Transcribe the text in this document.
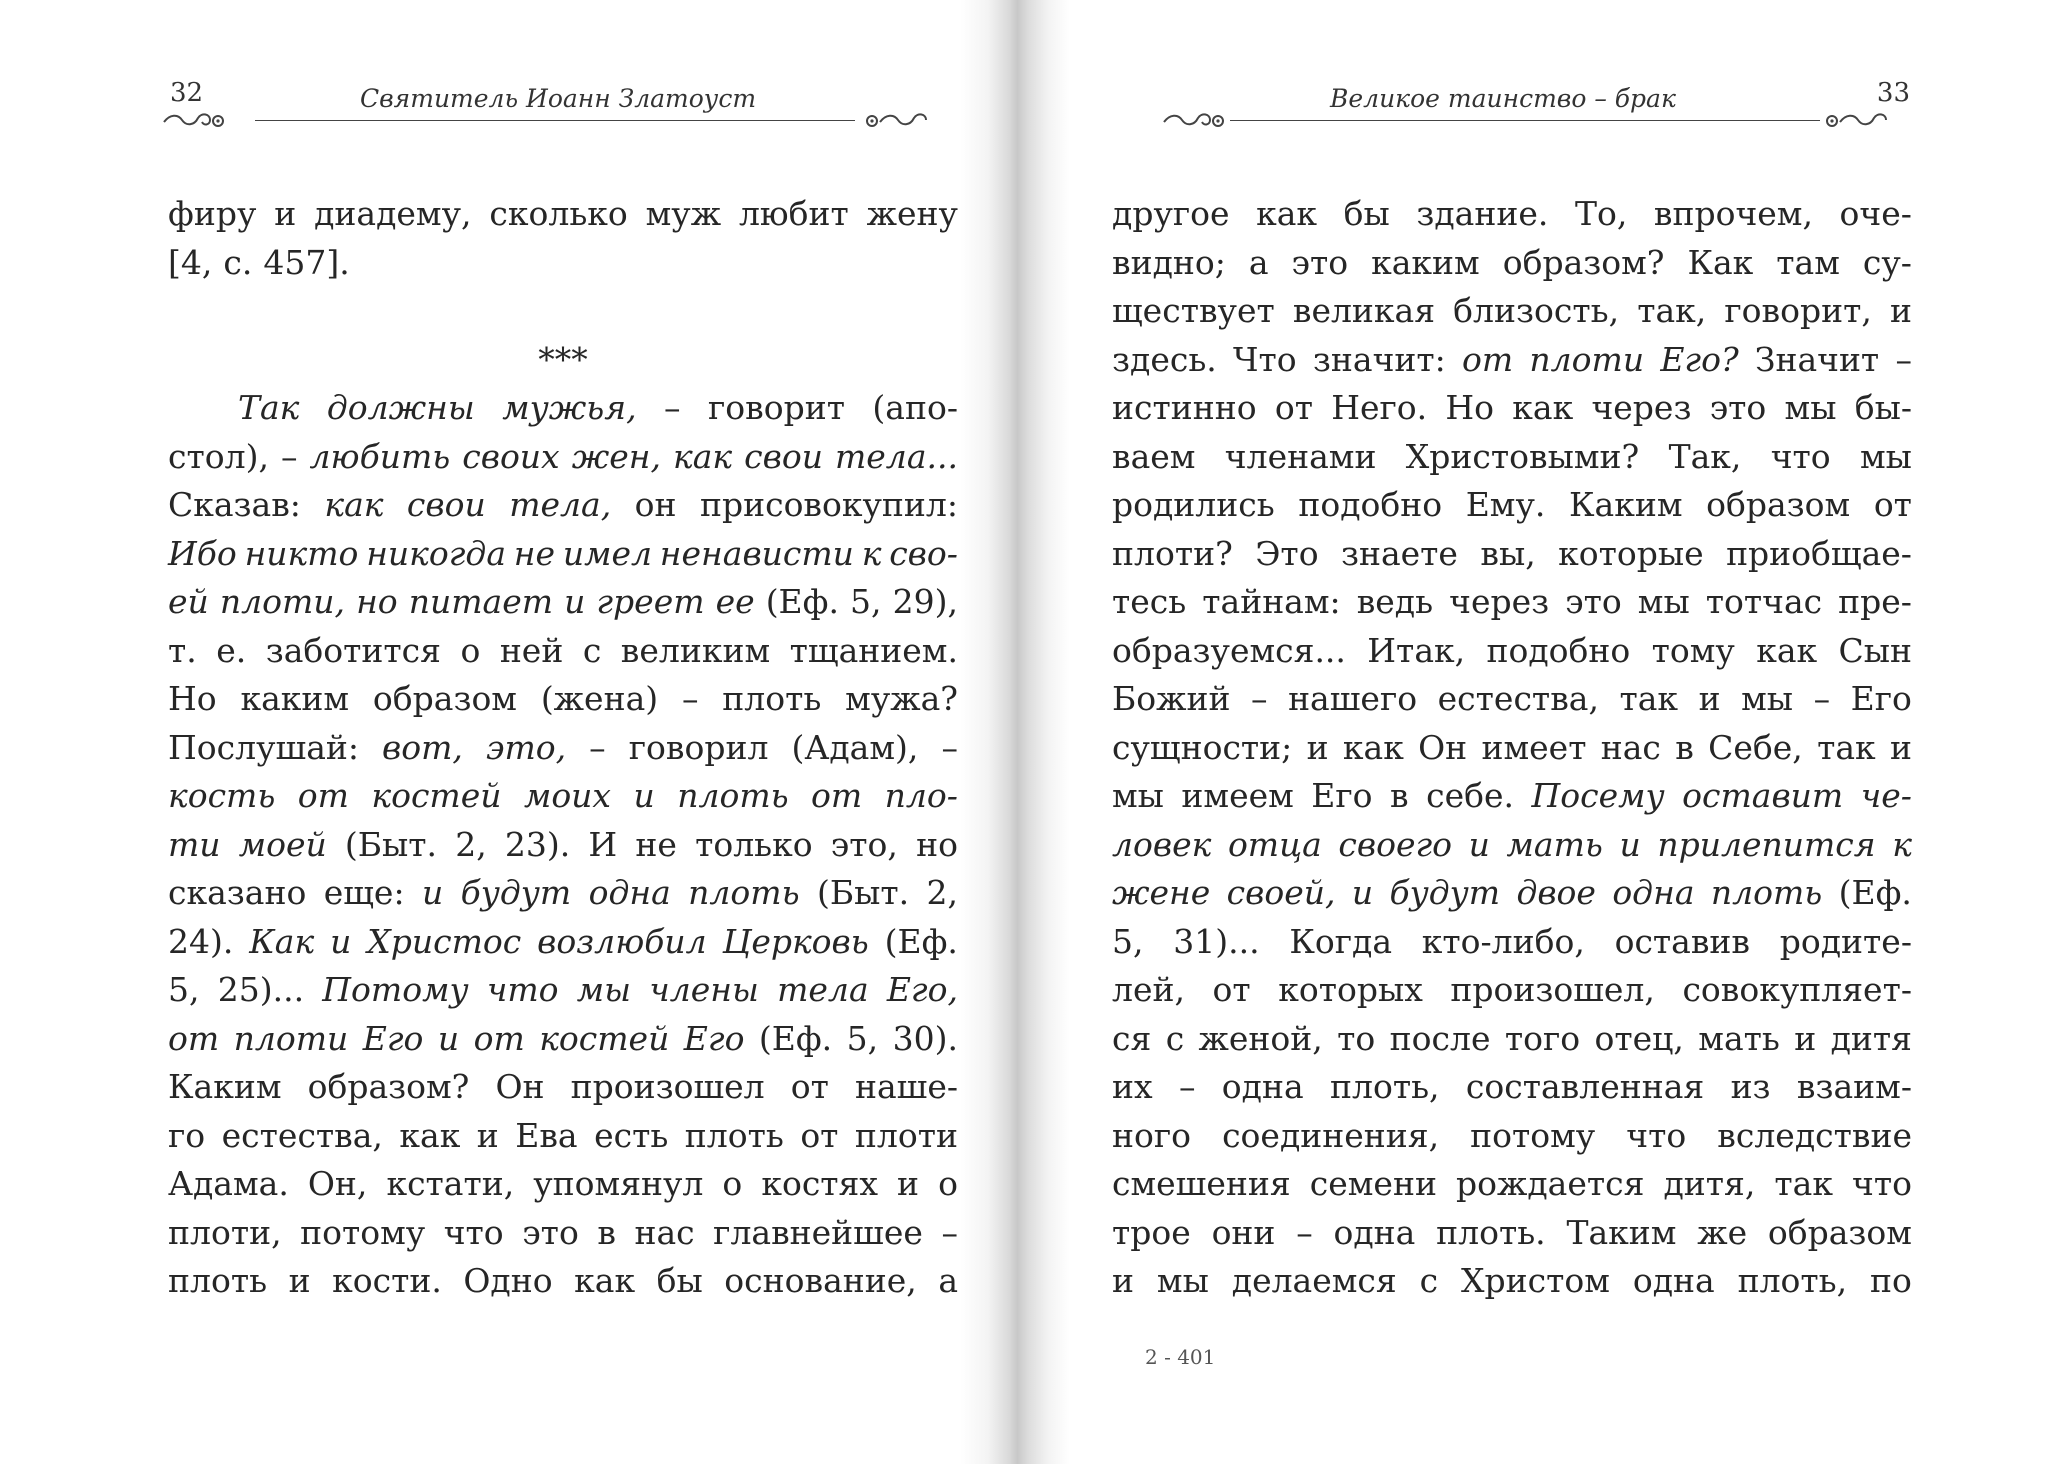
32	Святитель Иоанн Златоуст
фиру и диадему, сколько муж любит жену
[4, с. 457].
***
Так должны мужья, – говорит (апо-
стол), – любить своих жен, как свои тела...
Сказав: как свои тела, он присовокупил:
Ибо никто никогда не имел ненависти к сво-
ей плоти, но питает и греет ее (Еф. 5, 29),
т. е. заботится о ней с великим тщанием.
Но каким образом (жена) – плоть мужа?
Послушай: вот, это, – говорил (Адам), –
кость от костей моих и плоть от пло-
ти моей (Быт. 2, 23). И не только это, но
сказано еще: и будут одна плоть (Быт. 2,
24). Как и Христос возлюбил Церковь (Еф.
5, 25)... Потому что мы члены тела Его,
от плоти Его и от костей Его (Еф. 5, 30).
Каким образом? Он произошел от наше-
го естества, как и Ева есть плоть от плоти
Адама. Он, кстати, упомянул о костях и о
плоти, потому что это в нас главнейшее –
плоть и кости. Одно как бы основание, а
Великое таинство – брак	33
другое как бы здание. То, впрочем, оче-
видно; а это каким образом? Как там су-
ществует великая близость, так, говорит, и
здесь. Что значит: от плоти Его? Значит –
истинно от Него. Но как через это мы бы-
ваем членами Христовыми? Так, что мы
родились подобно Ему. Каким образом от
плоти? Это знаете вы, которые приобщае-
тесь тайнам: ведь через это мы тотчас пре-
образуемся... Итак, подобно тому как Сын
Божий – нашего естества, так и мы – Его
сущности; и как Он имеет нас в Себе, так и
мы имеем Его в себе. Посему оставит че-
ловек отца своего и мать и прилепится к
жене своей, и будут двое одна плоть (Еф.
5, 31)... Когда кто-либо, оставив родите-
лей, от которых произошел, совокупляет-
ся с женой, то после того отец, мать и дитя
их – одна плоть, составленная из взаим-
ного соединения, потому что вследствие
смешения семени рождается дитя, так что
трое они – одна плоть. Таким же образом
и мы делаемся с Христом одна плоть, по
2 - 401
